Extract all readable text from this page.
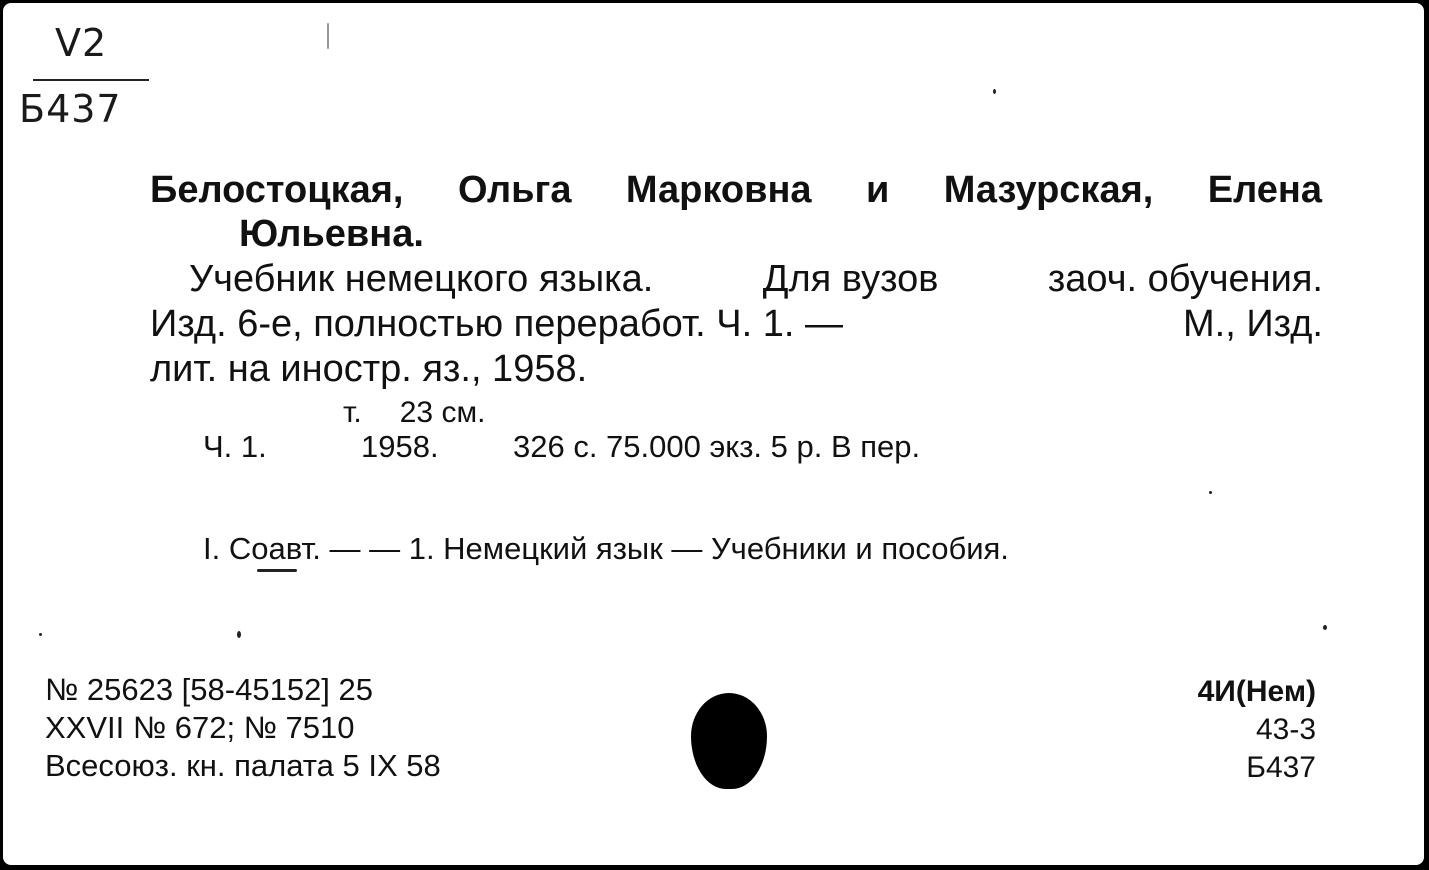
V2
Б437
Белостоцкая, Ольга Марковна и Мазурская, Елена
Юльевна.
Учебник немецкого языка.	Для вузов	заоч. обучения.
Изд. 6-е, полностью переработ. Ч. 1. —	М., Изд.
лит. на иностр. яз., 1958.
т. 23 см.
Ч. 1.	1958. 326 с. 75.000 экз. 5 р. В пер.
I. Соавт. — — 1. Немецкий язык — Учебники и пособия.
№ 25623 [58-45152] 25
XXVII № 672; № 7510
Всесоюз. кн. палата 5 IX 58
4И(Нем)
43-3
Б437
